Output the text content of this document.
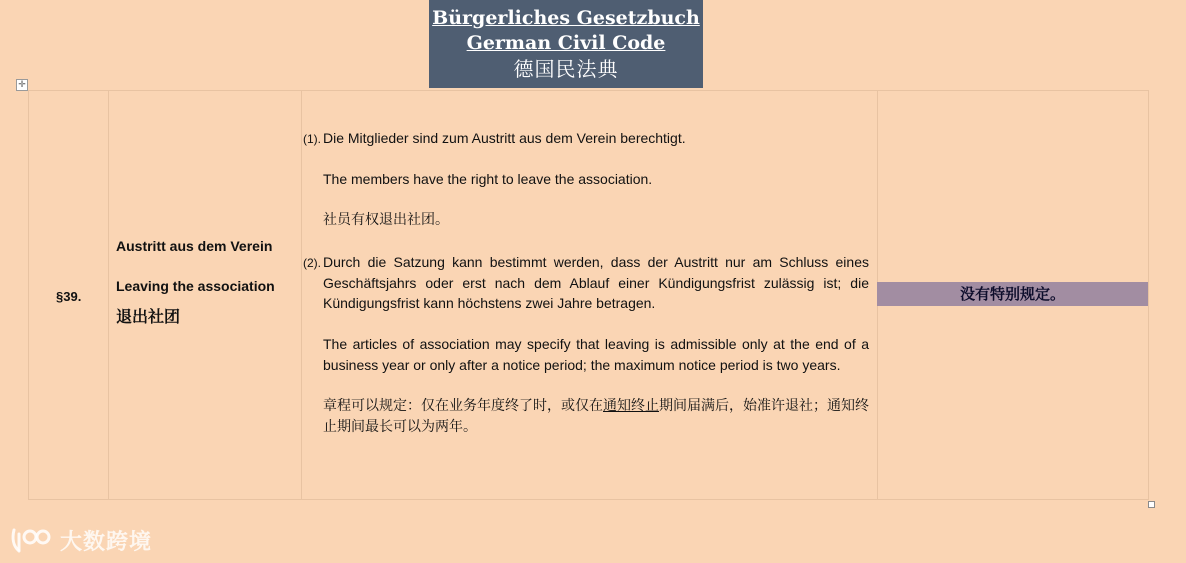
Bürgerliches Gesetzbuch
German Civil Code
德国民法典
✛
§39.
Austritt aus dem Verein
Leaving the association
退出社团
(1). Die Mitglieder sind zum Austritt aus dem Verein berechtigt.
The members have the right to leave the association.
社员有权退出社团。
(2). Durch die Satzung kann bestimmt werden, dass der Austritt nur am Schluss eines Geschäftsjahrs oder erst nach dem Ablauf einer Kündigungsfrist zulässig ist; die Kündigungsfrist kann höchstens zwei Jahre betragen.
The articles of association may specify that leaving is admissible only at the end of a business year or only after a notice period; the maximum notice period is two years.
章程可以规定：仅在业务年度终了时，或仅在通知终止期间届满后，始准许退社；通知终止期间最长可以为两年。
没有特别规定。
大数跨境
